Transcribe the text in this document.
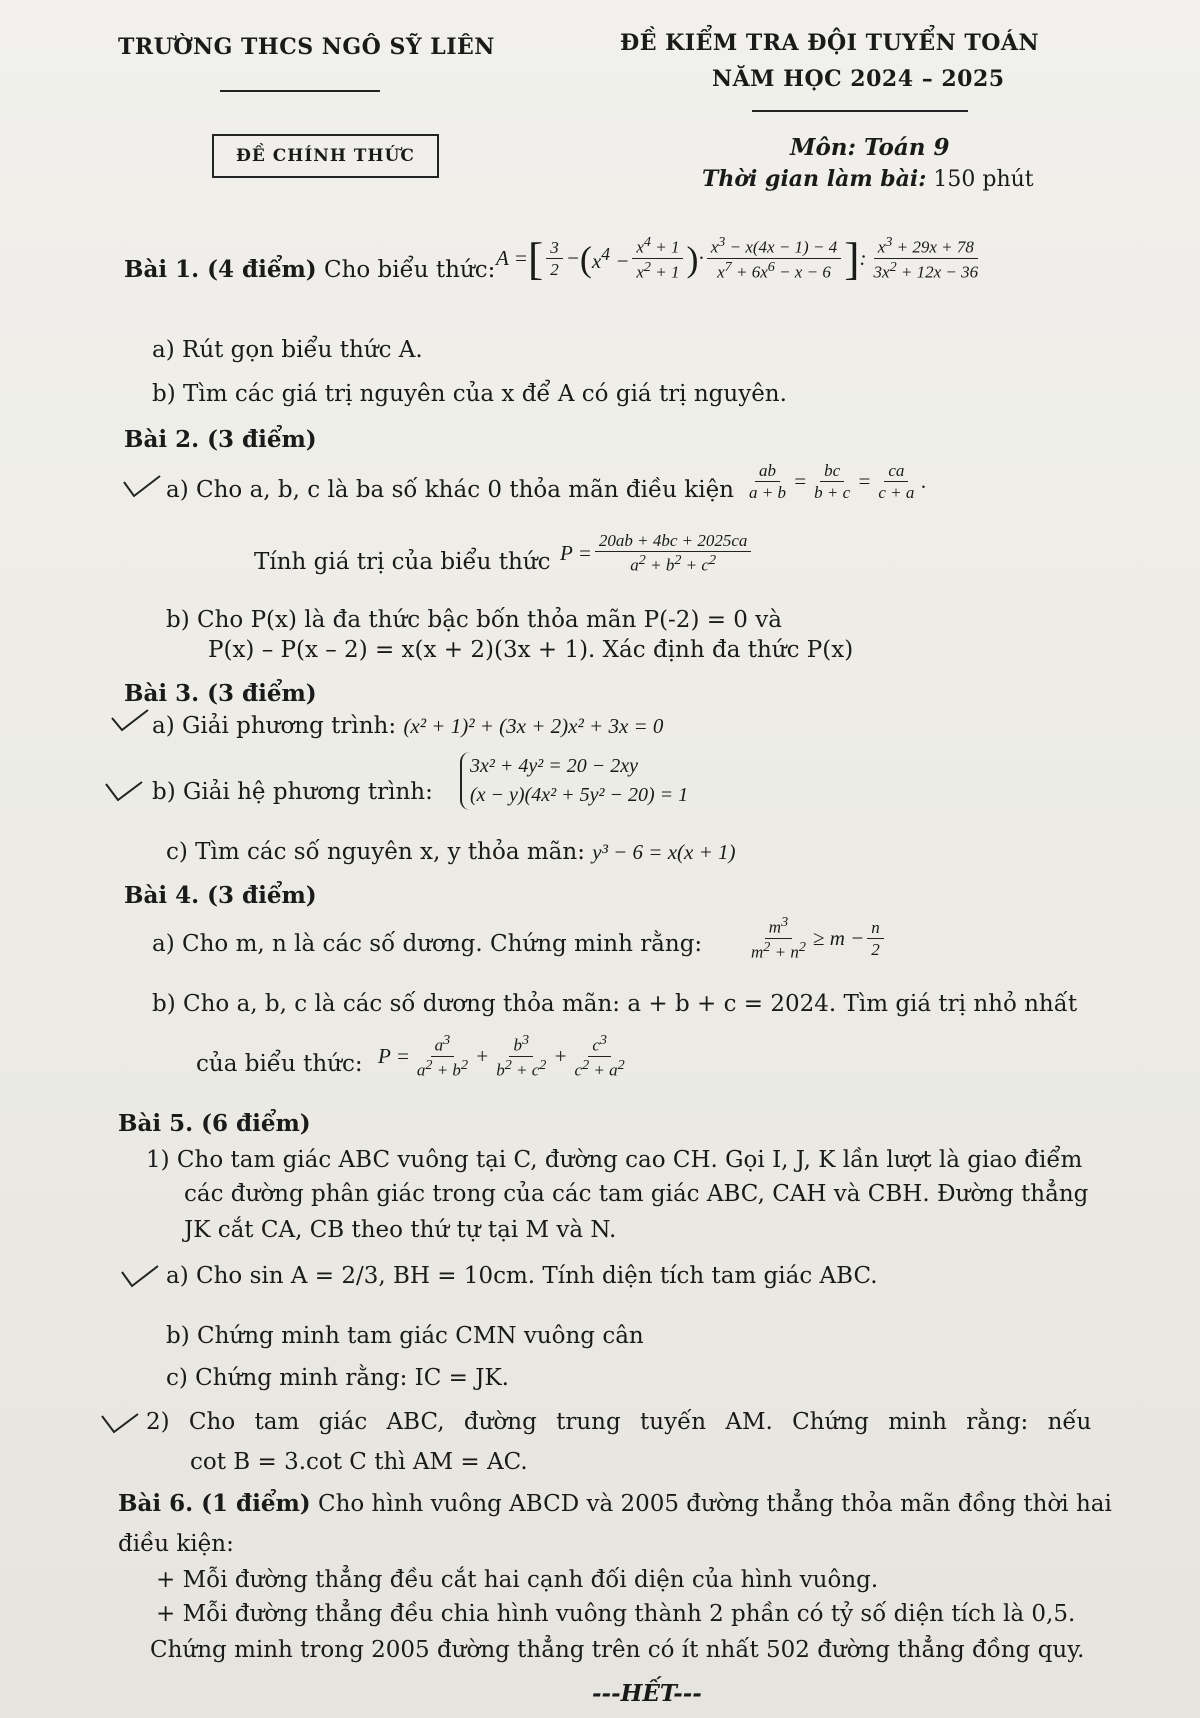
TRƯỜNG THCS NGÔ SỸ LIÊN	ĐỀ KIỂM TRA ĐỘI TUYỂN TOÁN
NĂM HỌC 2024 – 2025
ĐỀ CHÍNH THỨC	Môn: Toán 9
Thời gian làm bài: 150 phút
Bài 1. (4 điểm) Cho biểu thức: A = [ $\frac{3}{2}$ − ( $x^4 - \frac{x^4 + 1}{x^2 + 1}$ ) · $\frac{x^3 - x(4x - 1) - 4}{x^7 + 6x^6 - x - 6}$ ] : $\frac{x^3 + 29x + 78}{3x^2 + 12x - 36}$
a) Rút gọn biểu thức A.
b) Tìm các giá trị nguyên của x để A có giá trị nguyên.
Bài 2. (3 điểm)
a) Cho a, b, c là ba số khác 0 thỏa mãn điều kiện $\frac{ab}{a + b} = \frac{bc}{b + c} = \frac{ca}{c + a}$ .
Tính giá trị của biểu thức $P = \frac{20ab + 4bc + 2025ca}{a^2 + b^2 + c^2}$
b) Cho P(x) là đa thức bậc bốn thỏa mãn P(-2) = 0 và
P(x) – P(x – 2) = x(x + 2)(3x + 1). Xác định đa thức P(x)
Bài 3. (3 điểm)
a) Giải phương trình: (x² + 1)² + (3x + 2)x² + 3x = 0
b) Giải hệ phương trình:
3x² + 4y² = 20 − 2xy
(x − y)(4x² + 5y² − 20) = 1
c) Tìm các số nguyên x, y thỏa mãn: y³ − 6 = x(x + 1)
Bài 4. (3 điểm)
a) Cho m, n là các số dương. Chứng minh rằng:	$\frac{m^3}{m^2 + n^2} \ge m - \frac{n}{2}$
b) Cho a, b, c là các số dương thỏa mãn: a + b + c = 2024. Tìm giá trị nhỏ nhất
của biểu thức: $P = \frac{a^3}{a^2 + b^2} + \frac{b^3}{b^2 + c^2} + \frac{c^3}{c^2 + a^2}$
Bài 5. (6 điểm)
1) Cho tam giác ABC vuông tại C, đường cao CH. Gọi I, J, K lần lượt là giao điểm
các đường phân giác trong của các tam giác ABC, CAH và CBH. Đường thẳng
JK cắt CA, CB theo thứ tự tại M và N.
a) Cho sin A = 2/3, BH = 10cm. Tính diện tích tam giác ABC.
b) Chứng minh tam giác CMN vuông cân
c) Chứng minh rằng: IC = JK.
2) Cho tam giác ABC, đường trung tuyến AM. Chứng minh rằng: nếu
cot B = 3.cot C thì AM = AC.
Bài 6. (1 điểm) Cho hình vuông ABCD và 2005 đường thẳng thỏa mãn đồng thời hai
điều kiện:
+ Mỗi đường thẳng đều cắt hai cạnh đối diện của hình vuông.
+ Mỗi đường thẳng đều chia hình vuông thành 2 phần có tỷ số diện tích là 0,5.
Chứng minh trong 2005 đường thẳng trên có ít nhất 502 đường thẳng đồng quy.
---HẾT---
